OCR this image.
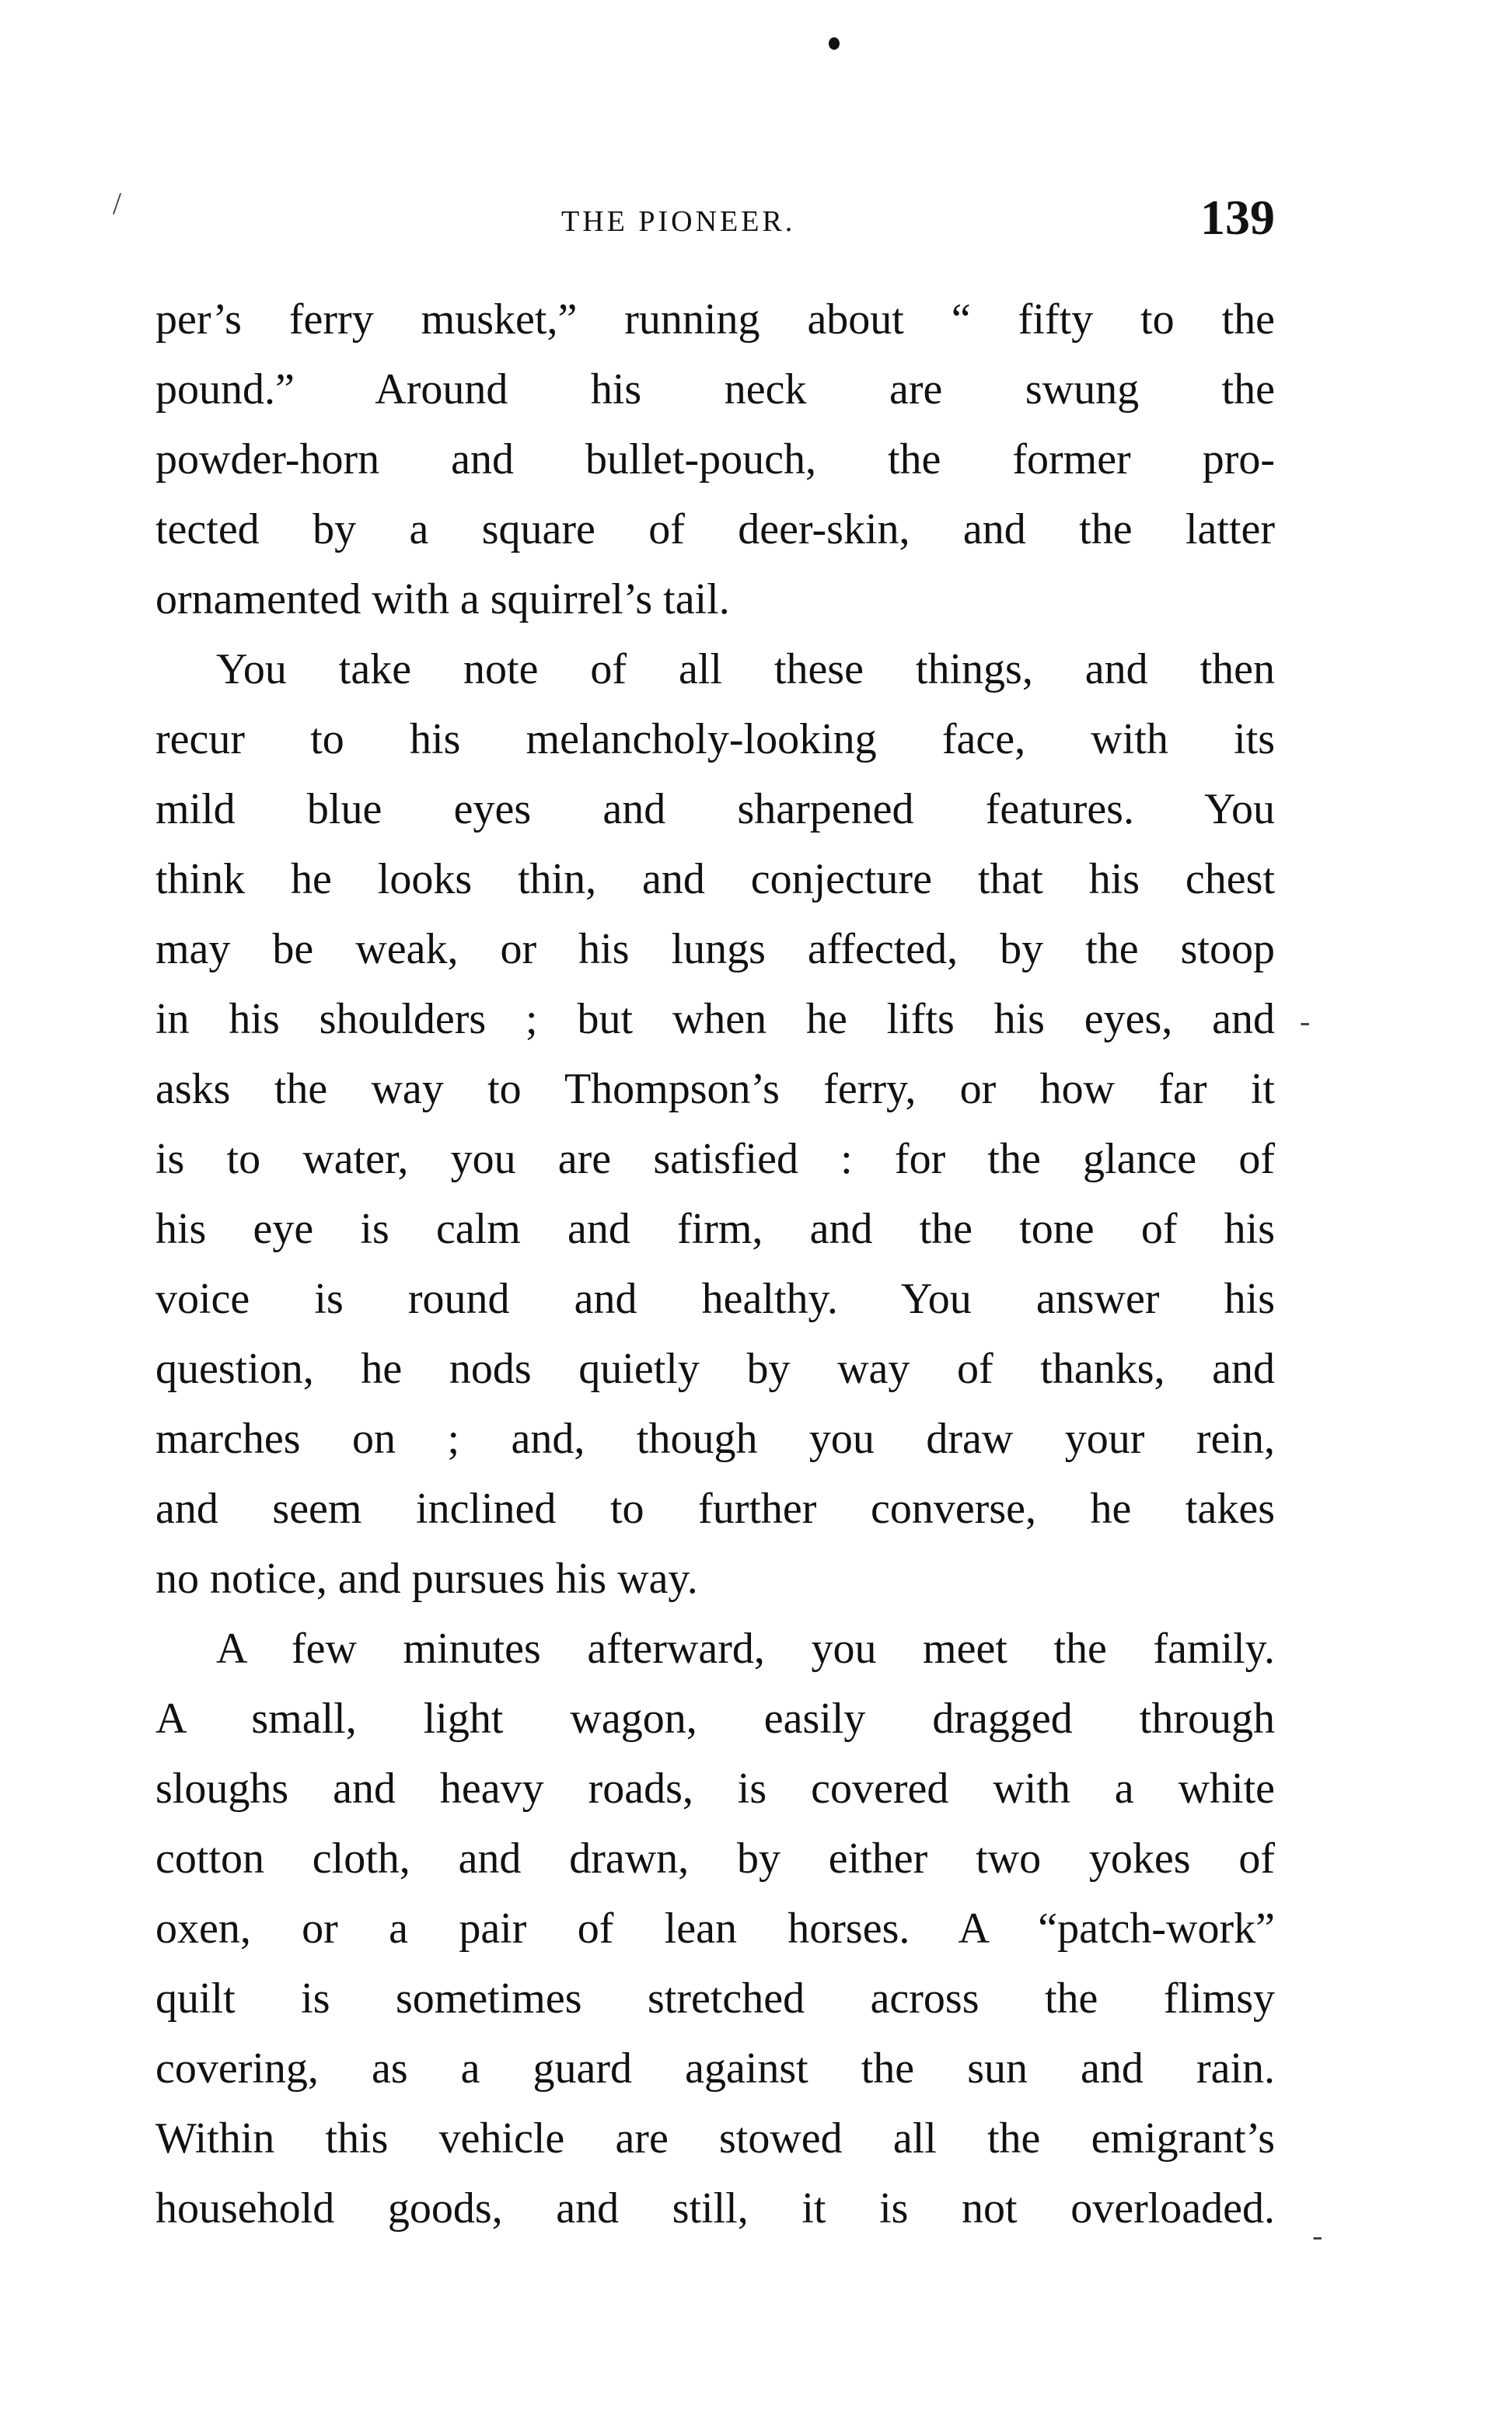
/
-
-
THE PIONEER.	139
per’s ferry musket,” running about “ fifty to the
pound.” Around his neck are swung the
powder-horn and bullet-pouch, the former pro-
tected by a square of deer-skin, and the latter
ornamented with a squirrel’s tail.
You take note of all these things, and then
recur to his melancholy-looking face, with its
mild blue eyes and sharpened features. You
think he looks thin, and conjecture that his chest
may be weak, or his lungs affected, by the stoop
in his shoulders ; but when he lifts his eyes, and
asks the way to Thompson’s ferry, or how far it
is to water, you are satisfied : for the glance of
his eye is calm and firm, and the tone of his
voice is round and healthy. You answer his
question, he nods quietly by way of thanks, and
marches on ; and, though you draw your rein,
and seem inclined to further converse, he takes
no notice, and pursues his way.
A few minutes afterward, you meet the family.
A small, light wagon, easily dragged through
sloughs and heavy roads, is covered with a white
cotton cloth, and drawn, by either two yokes of
oxen, or a pair of lean horses. A “patch-work”
quilt is sometimes stretched across the flimsy
covering, as a guard against the sun and rain.
Within this vehicle are stowed all the emigrant’s
household goods, and still, it is not overloaded.
